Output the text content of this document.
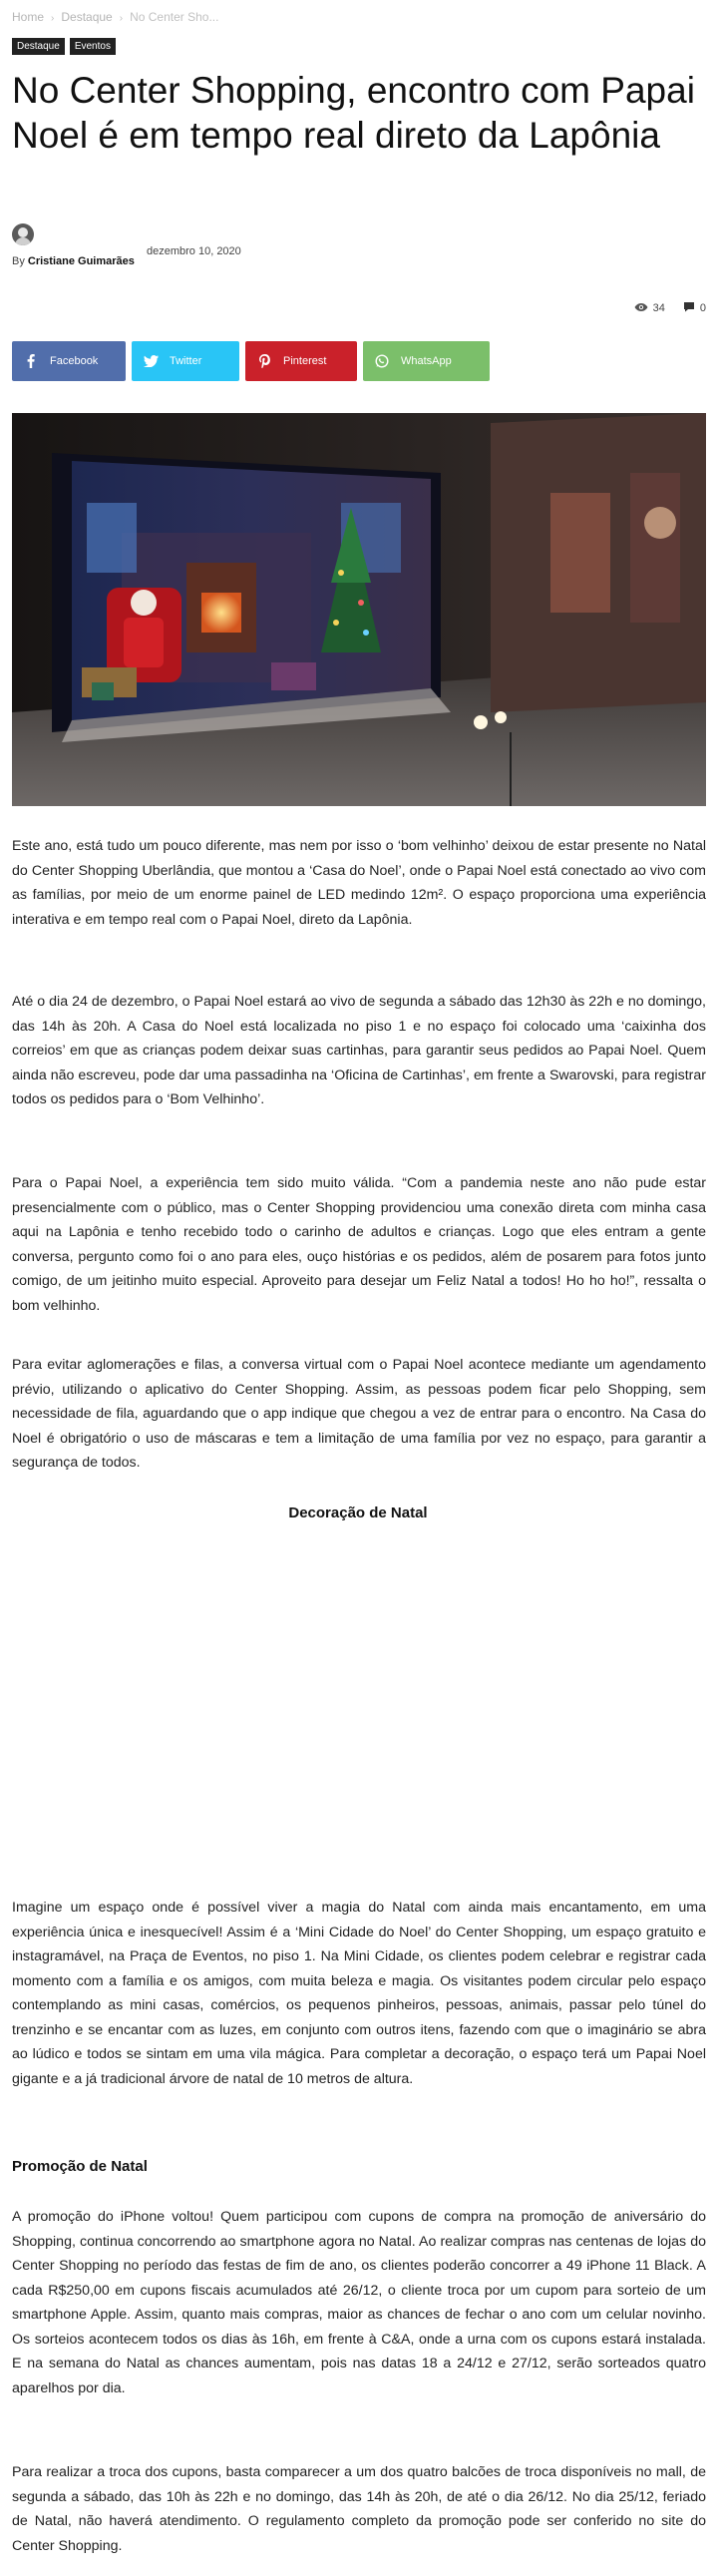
Home › Destaque › No Center Sho...
Destaque	Eventos
No Center Shopping, encontro com Papai Noel é em tempo real direto da Lapônia
By Cristiane Guimarães
dezembro 10, 2020
34	0
Facebook	Twitter	Pinterest	WhatsApp

Este ano, está tudo um pouco diferente, mas nem por isso o ‘bom velhinho’ deixou de estar presente no Natal do Center Shopping Uberlândia, que montou a ‘Casa do Noel’, onde o Papai Noel está conectado ao vivo com as famílias, por meio de um enorme painel de LED medindo 12m². O espaço proporciona uma experiência interativa e em tempo real com o Papai Noel, direto da Lapônia.

Até o dia 24 de dezembro, o Papai Noel estará ao vivo de segunda a sábado das 12h30 às 22h e no domingo, das 14h às 20h. A Casa do Noel está localizada no piso 1 e no espaço foi colocado uma ‘caixinha dos correios’ em que as crianças podem deixar suas cartinhas, para garantir seus pedidos ao Papai Noel. Quem ainda não escreveu, pode dar uma passadinha na ‘Oficina de Cartinhas’, em frente a Swarovski, para registrar todos os pedidos para o ‘Bom Velhinho’.

Para o Papai Noel, a experiência tem sido muito válida. “Com a pandemia neste ano não pude estar presencialmente com o público, mas o Center Shopping providenciou uma conexão direta com minha casa aqui na Lapônia e tenho recebido todo o carinho de adultos e crianças. Logo que eles entram a gente conversa, pergunto como foi o ano para eles, ouço histórias e os pedidos, além de posarem para fotos junto comigo, de um jeitinho muito especial. Aproveito para desejar um Feliz Natal a todos! Ho ho ho!”, ressalta o bom velhinho.

Para evitar aglomerações e filas, a conversa virtual com o Papai Noel acontece mediante um agendamento prévio, utilizando o aplicativo do Center Shopping. Assim, as pessoas podem ficar pelo Shopping, sem necessidade de fila, aguardando que o app indique que chegou a vez de entrar para o encontro. Na Casa do Noel é obrigatório o uso de máscaras e tem a limitação de uma família por vez no espaço, para garantir a segurança de todos.

Decoração de Natal

Imagine um espaço onde é possível viver a magia do Natal com ainda mais encantamento, em uma experiência única e inesquecível! Assim é a ‘Mini Cidade do Noel’ do Center Shopping, um espaço gratuito e instagramável, na Praça de Eventos, no piso 1. Na Mini Cidade, os clientes podem celebrar e registrar cada momento com a família e os amigos, com muita beleza e magia. Os visitantes podem circular pelo espaço contemplando as mini casas, comércios, os pequenos pinheiros, pessoas, animais, passar pelo túnel do trenzinho e se encantar com as luzes, em conjunto com outros itens, fazendo com que o imaginário se abra ao lúdico e todos se sintam em uma vila mágica. Para completar a decoração, o espaço terá um Papai Noel gigante e a já tradicional árvore de natal de 10 metros de altura.

Promoção de Natal

A promoção do iPhone voltou! Quem participou com cupons de compra na promoção de aniversário do Shopping, continua concorrendo ao smartphone agora no Natal. Ao realizar compras nas centenas de lojas do Center Shopping no período das festas de fim de ano, os clientes poderão concorrer a 49 iPhone 11 Black. A cada R$250,00 em cupons fiscais acumulados até 26/12, o cliente troca por um cupom para sorteio de um smartphone Apple. Assim, quanto mais compras, maior as chances de fechar o ano com um celular novinho. Os sorteios acontecem todos os dias às 16h, em frente à C&A, onde a urna com os cupons estará instalada. E na semana do Natal as chances aumentam, pois nas datas 18 a 24/12 e 27/12, serão sorteados quatro aparelhos por dia.

Para realizar a troca dos cupons, basta comparecer a um dos quatro balcões de troca disponíveis no mall, de segunda a sábado, das 10h às 22h e no domingo, das 14h às 20h, de até o dia 26/12. No dia 25/12, feriado de Natal, não haverá atendimento. O regulamento completo da promoção pode ser conferido no site do Center Shopping.
